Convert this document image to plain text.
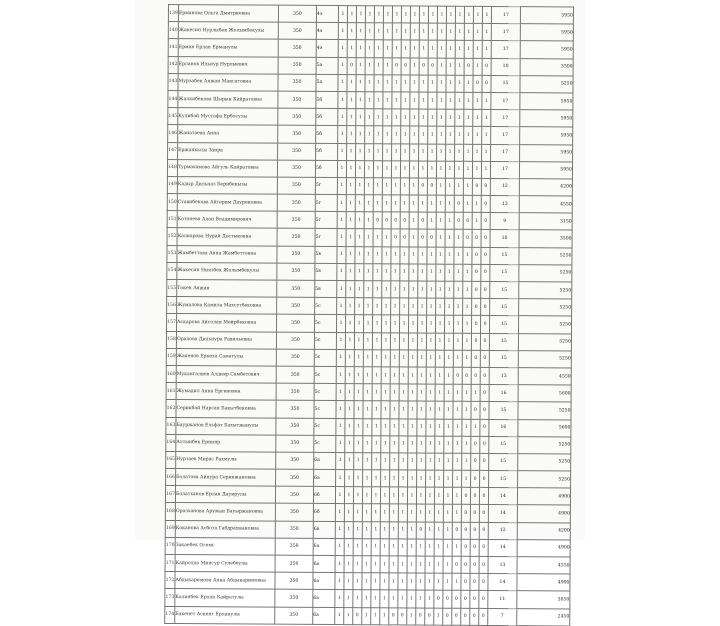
139	Ерманова Ольга Дмитриевна	350	4э	1	1	1	1	1	1	1	1	1	1	1	1	1	1	1	1	1	17	5950
140	Жакесин Нурлыбек Жолымбекулы	350	4э	1	1	1	1	1	1	1	1	1	1	1	1	1	1	1	1	1	17	5950
141	Ерман Ерлан Ерманулы	350	4э	1	1	1	1	1	1	1	1	1	1	1	1	1	1	1	1	1	17	5950
142	Ерланов Ильнур Нурлыевич	350	5а	1	0	1	1	1	1	0	0	1	0	0	1	1	1	0	1	0	10	3500
143	Мурзабек Аяжан Максатовна	350	5а	1	1	1	1	1	1	1	1	1	1	1	1	1	1	1	0	0	15	5250
144	Жалкибекова Шырын Кайратовна	350	5б	1	1	1	1	1	1	1	1	1	1	1	1	1	1	1	1	1	17	5950
145	Кулибай Мустафа Ербосулы	350	5б	1	1	1	1	1	1	1	1	1	1	1	1	1	1	1	1	1	17	5950
146	Жанатаева Анна	350	5б	1	1	1	1	1	1	1	1	1	1	1	1	1	1	1	1	1	17	5950
147	Ержанкызы Заира	350	5б	1	1	1	1	1	1	1	1	1	1	1	1	1	1	1	1	1	17	5950
148	Турмахамова Айгуль Кайратовна	350	5б	1	1	1	1	1	1	1	1	1	1	1	1	1	1	1	1	1	17	5950
149	Кадыр Дильназ Бернбекызы	350	5г	1	1	1	1	1	1	1	1	1	0	0	1	1	1	1	0	0	12	4200
150	Ставибекова Айгерим Дауреновна	350	5г	1	1	1	1	1	1	1	1	1	1	1	1	1	0	1	1	0	13	4550
151	Котонева Алан Владимирович	350	5г	1	1	1	1	0	0	0	0	1	0	1	1	1	0	0	1	0	9	3150
152	Калиарова Нурай Достыковна	350	5г	1	1	1	1	1	1	0	0	1	0	0	1	1	1	0	0	0	10	3500
153	Жамбеттова Анна Жамбеттовна	350	5в	1	1	1	1	1	1	1	1	1	1	1	1	1	1	1	0	0	15	5250
154	Жакесин Ниязбек Жолымбекулы	350	5в	1	1	1	1	1	1	1	1	1	1	1	1	1	1	1	0	0	15	5250
155	Токен Аяжан	350	5в	1	1	1	1	1	1	1	1	1	1	1	1	1	1	1	0	0	15	5250
156	Жумалова Камила Махсутбековна	350	5с	1	1	1	1	1	1	1	1	1	1	1	1	1	1	1	0	0	15	5250
157	Аскарова Айсолан Мейрбековна	350	5с	1	1	1	1	1	1	1	1	1	1	1	1	1	1	1	0	0	15	5250
158	Оралова Дильнура Равильевна	350	5с	1	1	1	1	1	1	1	1	1	1	1	1	1	1	1	0	0	15	5250
159	Жакенов Еркеха Саматулы	350	5с	1	1	1	1	1	1	1	1	1	1	1	1	1	1	1	0	0	15	5250
160	Мукангалиев Алдияр Самбетович	350	5с	1	1	1	1	1	1	1	1	1	1	1	1	1	0	0	0	0	13	4550
161	Жумадил Анна Ергеновна	350	5с	1	1	1	1	1	1	1	1	1	1	1	1	1	1	1	1	0	16	5600
162	Серикбай Нарсан Бакытбековна	350	5с	1	1	1	1	1	1	1	1	1	1	1	1	1	1	1	0	0	15	5250
163	Бауржанов Ельфат Бахытжанулы	350	5с	1	1	1	1	1	1	1	1	1	1	1	1	1	1	1	1	0	16	5600
164	Алтынбек Ернияр	350	5с	1	1	1	1	1	1	1	1	1	1	1	1	1	1	1	0	0	15	5250
165	Нуртаев Мирас Рахмулы	350	6а	1	1	1	1	1	1	1	1	1	1	1	1	1	1	1	0	0	15	5250
166	Болатова Айнура Серикжановна	350	6а	1	1	1	1	1	1	1	1	1	1	1	1	1	1	1	0	0	15	5250
167	Болатханов Ерлан Дауирулы	350	6б	1	1	1	1	1	1	1	1	1	1	1	1	1	1	0	0	0	14	4900
168	Оразханова Аружан Бауыржановна	350	6б	1	1	1	1	1	1	1	1	1	1	1	1	1	1	0	0	0	14	4900
169	Коканова Асбота Габдрахмановна	350	6в	1	1	1	1	1	1	1	1	1	0	1	1	1	0	0	0	0	12	4200
170	Закаебек Огемс	350	6а	1	1	1	1	1	1	1	1	1	1	1	1	1	1	0	0	0	14	4900
171	Кайролда Минсур Сулебеулы	350	6а	1	1	1	1	1	1	1	1	1	1	1	1	1	0	0	0	0	13	4550
172	Абдыкаримова Анна Абдыкаримовна	350	6а	1	1	1	1	1	1	1	1	1	1	1	1	1	1	0	0	0	14	4900
173	Калиябек Ерлан Кайратулы	350	6а	1	1	1	1	1	1	1	1	1	1	1	0	0	0	0	0	0	11	3850
174	Бакенет Аскент Ерланулы	350	6а	1	1	0	1	1	1	0	0	1	0	0	1	0	0	0	0	0	7	2450
